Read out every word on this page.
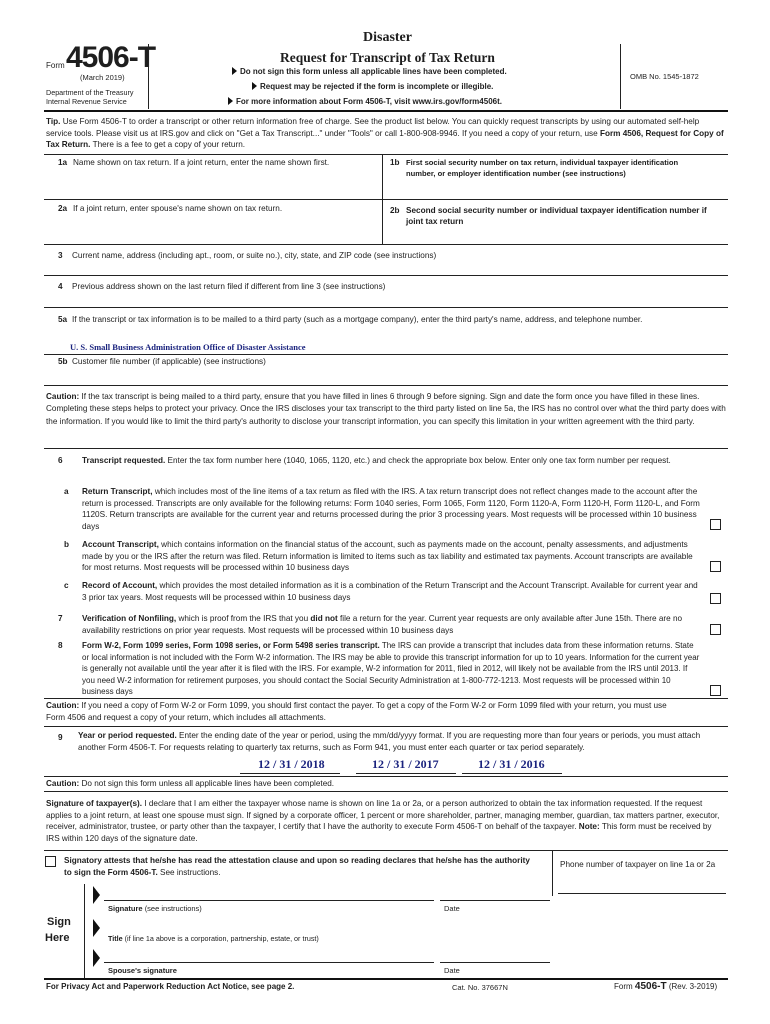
Form 4506-T
(March 2019)
Department of the Treasury
Internal Revenue Service
Disaster
Request for Transcript of Tax Return
Do not sign this form unless all applicable lines have been completed.
Request may be rejected if the form is incomplete or illegible.
For more information about Form 4506-T, visit www.irs.gov/form4506t.
OMB No. 1545-1872
Tip. Use Form 4506-T to order a transcript or other return information free of charge. See the product list below. You can quickly request transcripts by using our automated self-help service tools. Please visit us at IRS.gov and click on "Get a Tax Transcript..." under "Tools" or call 1-800-908-9946. If you need a copy of your return, use Form 4506, Request for Copy of Tax Return. There is a fee to get a copy of your return.
1a Name shown on tax return. If a joint return, enter the name shown first.	1b First social security number on tax return, individual taxpayer identification number, or employer identification number (see instructions)
2a If a joint return, enter spouse's name shown on tax return.	2b Second social security number or individual taxpayer identification number if joint tax return
3 Current name, address (including apt., room, or suite no.), city, state, and ZIP code (see instructions)
4 Previous address shown on the last return filed if different from line 3 (see instructions)
5a If the transcript or tax information is to be mailed to a third party (such as a mortgage company), enter the third party's name, address, and telephone number.
U. S. Small Business Administration Office of Disaster Assistance
5b Customer file number (if applicable) (see instructions)
Caution: If the tax transcript is being mailed to a third party, ensure that you have filled in lines 6 through 9 before signing. Sign and date the form once you have filled in these lines. Completing these steps helps to protect your privacy. Once the IRS discloses your tax transcript to the third party listed on line 5a, the IRS has no control over what the third party does with the information. If you would like to limit the third party's authority to disclose your transcript information, you can specify this limitation in your written agreement with the third party.
6 Transcript requested. Enter the tax form number here (1040, 1065, 1120, etc.) and check the appropriate box below. Enter only one tax form number per request.
a Return Transcript, which includes most of the line items of a tax return as filed with the IRS. A tax return transcript does not reflect changes made to the account after the return is processed. Transcripts are only available for the following returns: Form 1040 series, Form 1065, Form 1120, Form 1120-A, Form 1120-H, Form 1120-L, and Form 1120S. Return transcripts are available for the current year and returns processed during the prior 3 processing years. Most requests will be processed within 10 business days
b Account Transcript, which contains information on the financial status of the account, such as payments made on the account, penalty assessments, and adjustments made by you or the IRS after the return was filed. Return information is limited to items such as tax liability and estimated tax payments. Account transcripts are available for most returns. Most requests will be processed within 10 business days
c Record of Account, which provides the most detailed information as it is a combination of the Return Transcript and the Account Transcript. Available for current year and 3 prior tax years. Most requests will be processed within 10 business days
7 Verification of Nonfiling, which is proof from the IRS that you did not file a return for the year. Current year requests are only available after June 15th. There are no availability restrictions on prior year requests. Most requests will be processed within 10 business days
8 Form W-2, Form 1099 series, Form 1098 series, or Form 5498 series transcript. The IRS can provide a transcript that includes data from these information returns. State or local information is not included with the Form W-2 information. The IRS may be able to provide this transcript information for up to 10 years. Information for the current year is generally not available until the year after it is filed with the IRS. For example, W-2 information for 2011, filed in 2012, will likely not be available from the IRS until 2013. If you need W-2 information for retirement purposes, you should contact the Social Security Administration at 1-800-772-1213. Most requests will be processed within 10 business days
Caution: If you need a copy of Form W-2 or Form 1099, you should first contact the payer. To get a copy of the Form W-2 or Form 1099 filed with your return, you must use Form 4506 and request a copy of your return, which includes all attachments.
9 Year or period requested. Enter the ending date of the year or period, using the mm/dd/yyyy format. If you are requesting more than four years or periods, you must attach another Form 4506-T. For requests relating to quarterly tax returns, such as Form 941, you must enter each quarter or tax period separately.
12 / 31 / 2018	12 / 31 / 2017	12 / 31 / 2016
Caution: Do not sign this form unless all applicable lines have been completed.
Signature of taxpayer(s). I declare that I am either the taxpayer whose name is shown on line 1a or 2a, or a person authorized to obtain the tax information requested. If the request applies to a joint return, at least one spouse must sign. If signed by a corporate officer, 1 percent or more shareholder, partner, managing member, guardian, tax matters partner, executor, receiver, administrator, trustee, or party other than the taxpayer, I certify that I have the authority to execute Form 4506-T on behalf of the taxpayer. Note: This form must be received by IRS within 120 days of the signature date.
Signatory attests that he/she has read the attestation clause and upon so reading declares that he/she has the authority to sign the Form 4506-T. See instructions.
Phone number of taxpayer on line 1a or 2a
Sign
Here
Signature (see instructions)	Date
Title (if line 1a above is a corporation, partnership, estate, or trust)
Spouse's signature	Date
For Privacy Act and Paperwork Reduction Act Notice, see page 2.	Cat. No. 37667N	Form 4506-T (Rev. 3-2019)
